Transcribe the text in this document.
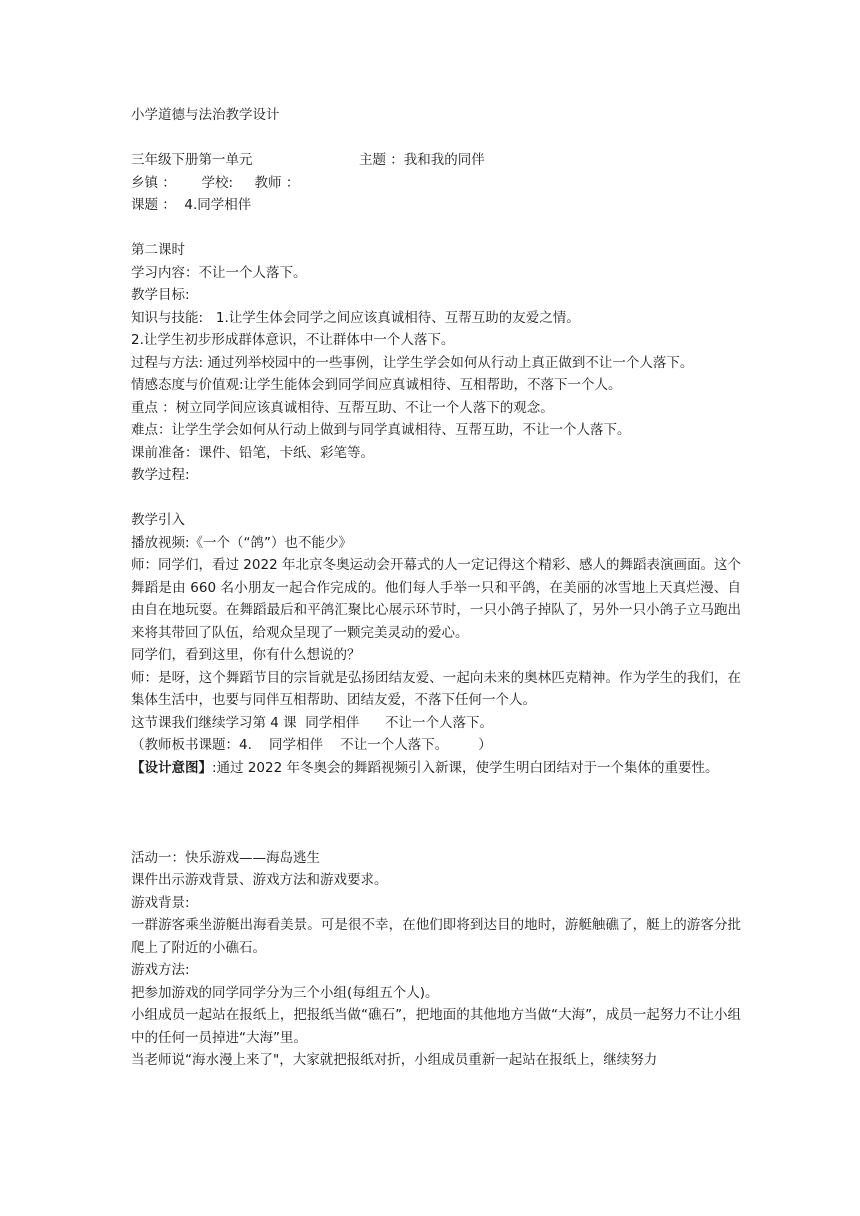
小学道德与法治教学设计
三年级下册第一单元	主题 ：我和我的同伴
乡镇 ：      学校:     教师 ：
课题 ：  4.同学相伴
第二课时
学习内容：不让一个人落下。
教学目标:
知识与技能:   1.让学生体会同学之间应该真诚相待、互帮互助的友爱之情。
2.让学生初步形成群体意识，不让群体中一个人落下。
过程与方法: 通过列举校园中的一些事例，让学生学会如何从行动上真正做到不让一个人落下。
情感态度与价值观:让学生能体会到同学间应真诚相待、互相帮助，不落下一个人。
重点 ：树立同学间应该真诚相待、互帮互助、不让一个人落下的观念。
难点：让学生学会如何从行动上做到与同学真诚相待、互帮互助，不让一个人落下。
课前准备：课件、铅笔，卡纸、彩笔等。
教学过程:
教学引入
播放视频:《一个（“鸽”）也不能少》
师：同学们，看过 2022 年北京冬奥运动会开幕式的人一定记得这个精彩、感人的舞蹈表演画面。这个舞蹈是由 660 名小朋友一起合作完成的。他们每人手举一只和平鸽，在美丽的冰雪地上天真烂漫、自由自在地玩耍。在舞蹈最后和平鸽汇聚比心展示环节时，一只小鸽子掉队了，另外一只小鸽子立马跑出来将其带回了队伍，给观众呈现了一颗完美灵动的爱心。
同学们，看到这里，你有什么想说的？
师：是呀，这个舞蹈节目的宗旨就是弘扬团结友爱、一起向未来的奥林匹克精神。作为学生的我们，在集体生活中，也要与同伴互相帮助、团结友爱，不落下任何一个人。
这节课我们继续学习第 4 课  同学相伴      不让一个人落下。
（教师板书课题：4.    同学相伴    不让一个人落下。       ）
【设计意图】:通过 2022 年冬奥会的舞蹈视频引入新课，使学生明白团结对于一个集体的重要性。
活动一：快乐游戏——海岛逃生
课件出示游戏背景、游戏方法和游戏要求。
游戏背景:
一群游客乘坐游艇出海看美景。可是很不幸，在他们即将到达目的地时，游艇触礁了，艇上的游客分批爬上了附近的小礁石。
游戏方法:
把参加游戏的同学同学分为三个小组(每组五个人)。
小组成员一起站在报纸上，把报纸当做“礁石”，把地面的其他地方当做“大海”，成员一起努力不让小组中的任何一员掉进“大海”里。
当老师说“海水漫上来了"，大家就把报纸对折，小组成员重新一起站在报纸上，继续努力
